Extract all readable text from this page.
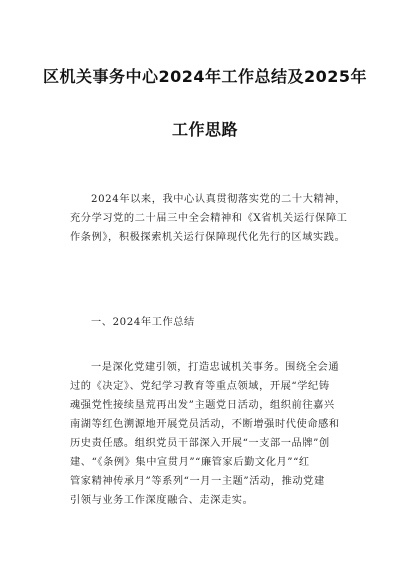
区机关事务中心2024年工作总结及2025年
工作思路
2024年以来，我中心认真贯彻落实党的二十大精神，
充分学习党的二十届三中全会精神和《X省机关运行保障工
作条例》，积极探索机关运行保障现代化先行的区域实践。
一、2024年工作总结
一是深化党建引领，打造忠诚机关事务。围绕全会通
过的《决定》、党纪学习教育等重点领域，开展“学纪铸
魂强党性接续垦荒再出发”主题党日活动，组织前往嘉兴
南湖等红色溯源地开展党员活动，不断增强时代使命感和
历史责任感。组织党员干部深入开展“一支部一品牌”创
建、“《条例》集中宣贯月”“廉管家后勤文化月”“红
管家精神传承月”等系列“一月一主题”活动，推动党建
引领与业务工作深度融合、走深走实。
